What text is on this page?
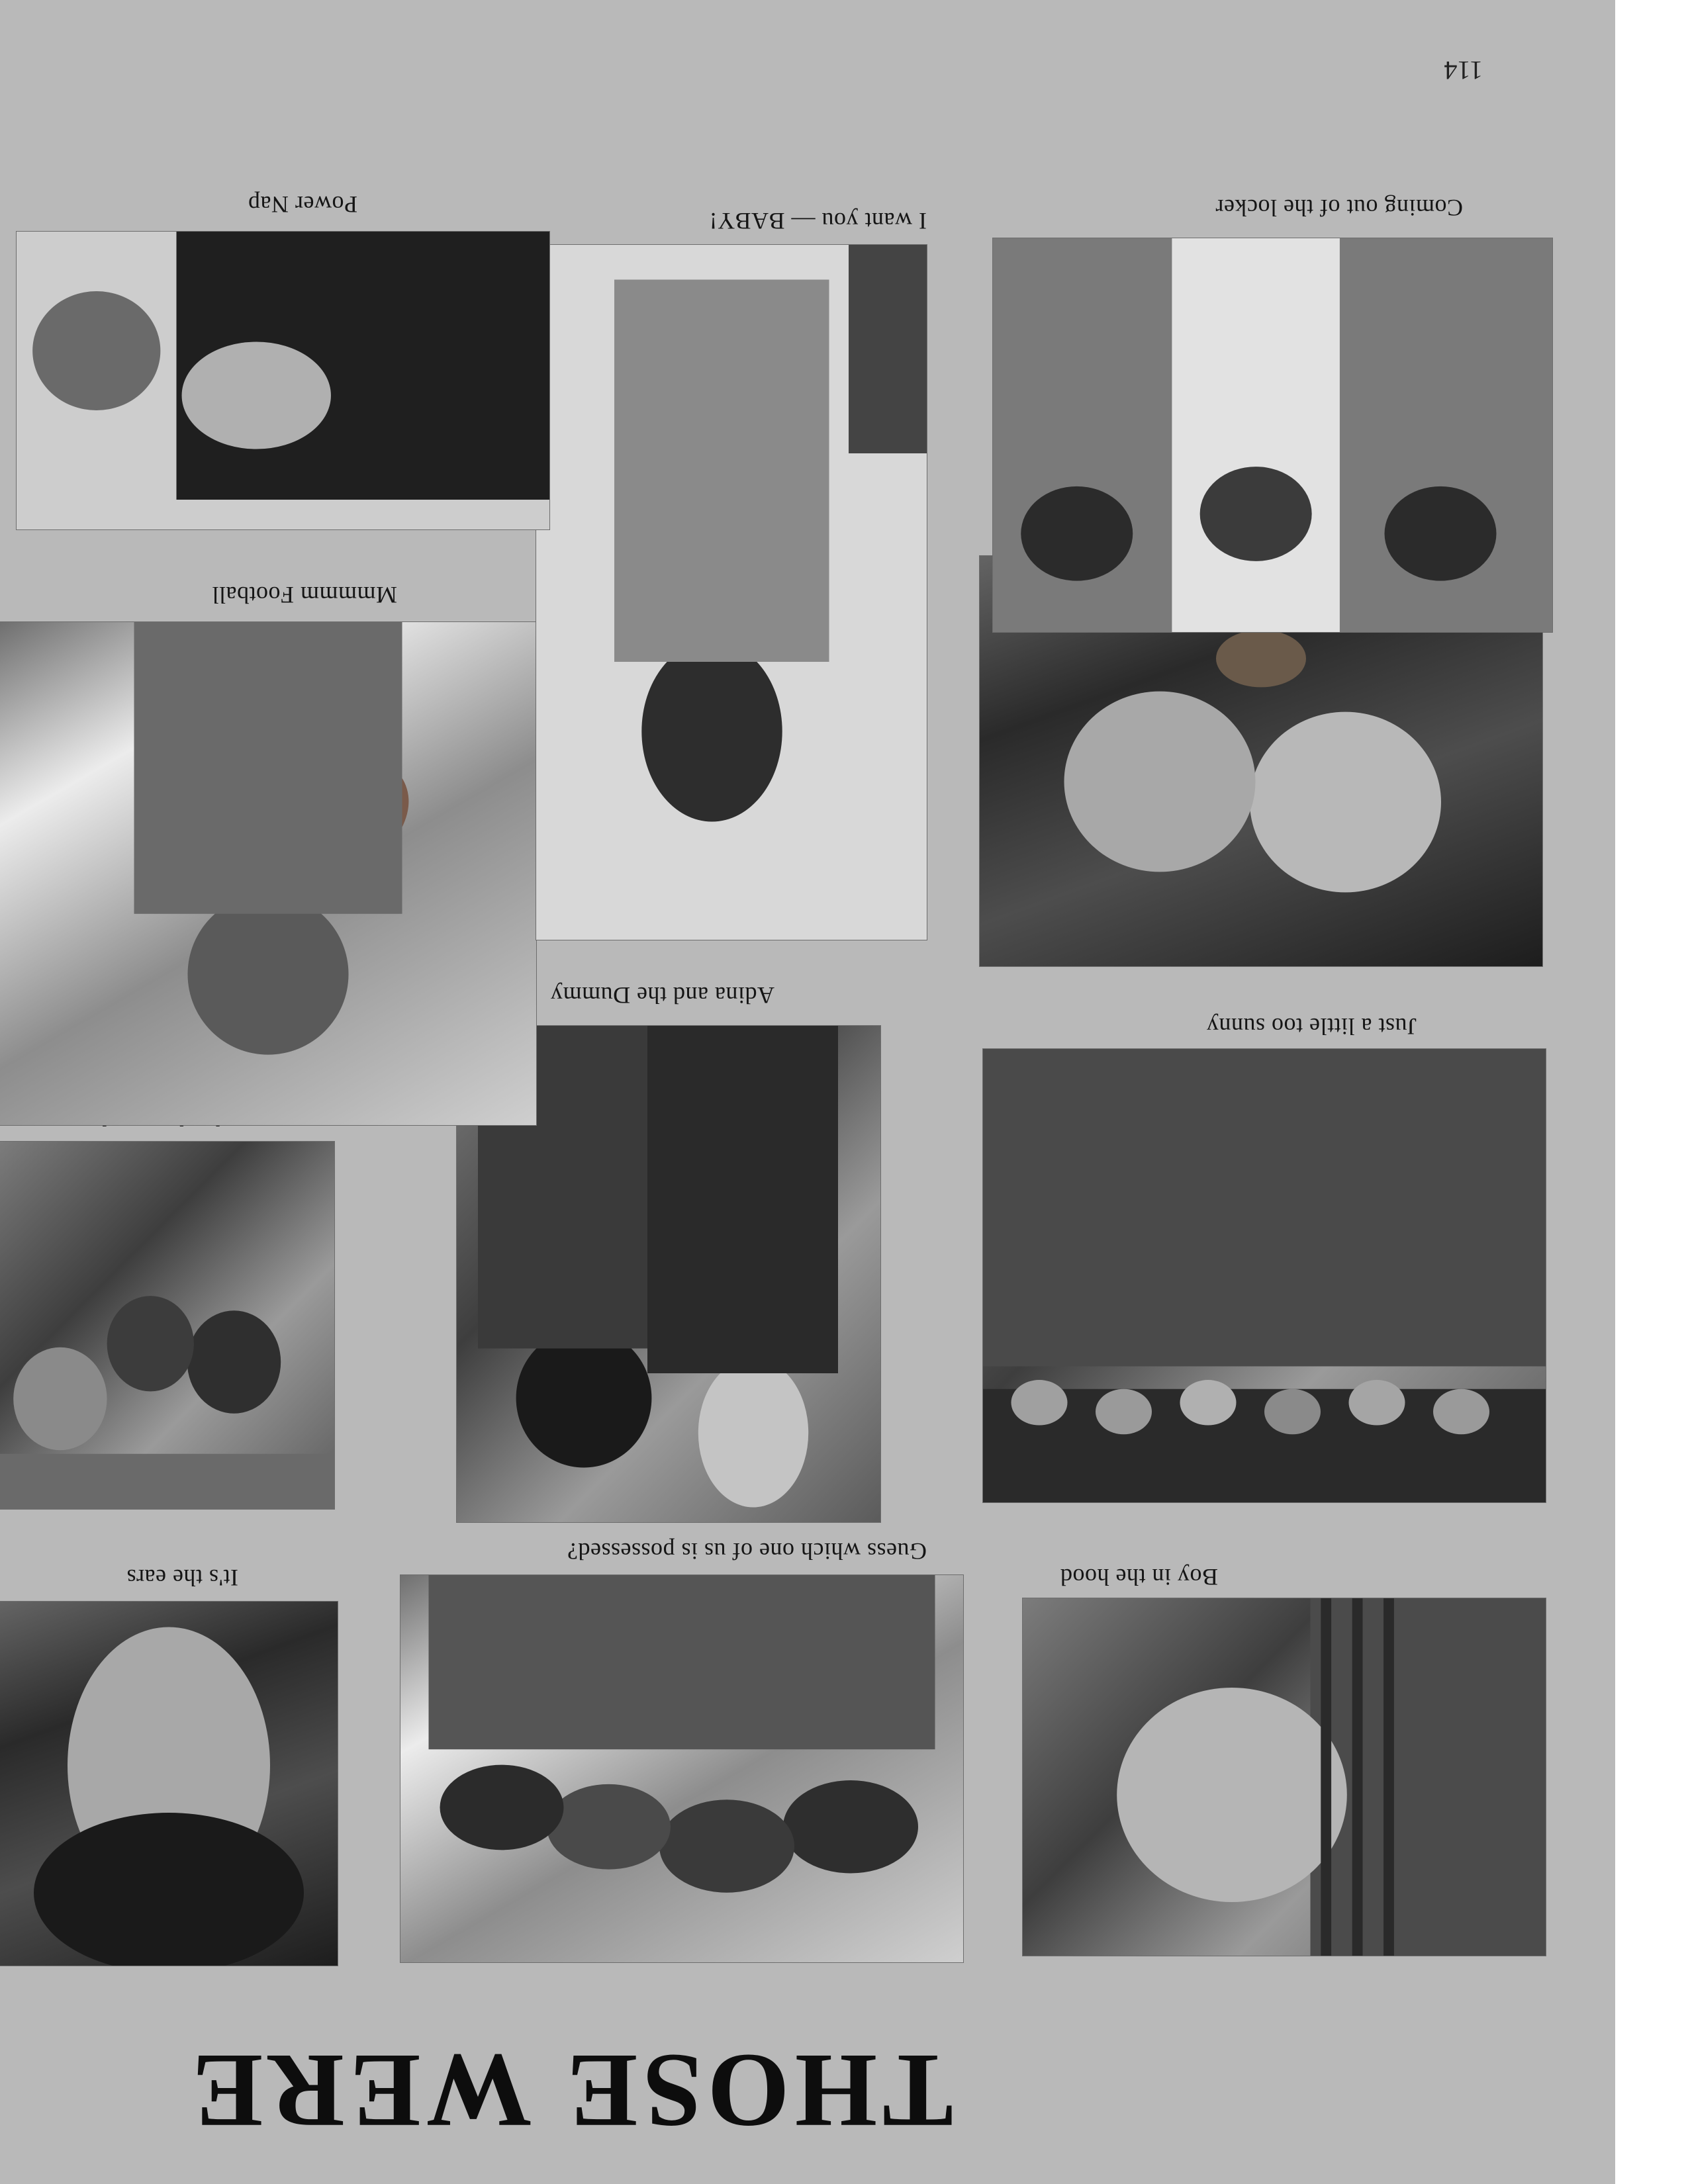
THOSE WERE
It's the ears
Guess which one of us is possessed?
Boy in the hood
Adina and the Dummy
Just a little too sunny
Mmmmm Football
I want you — BABY!
Power Nap	Coming out of the locker
114
